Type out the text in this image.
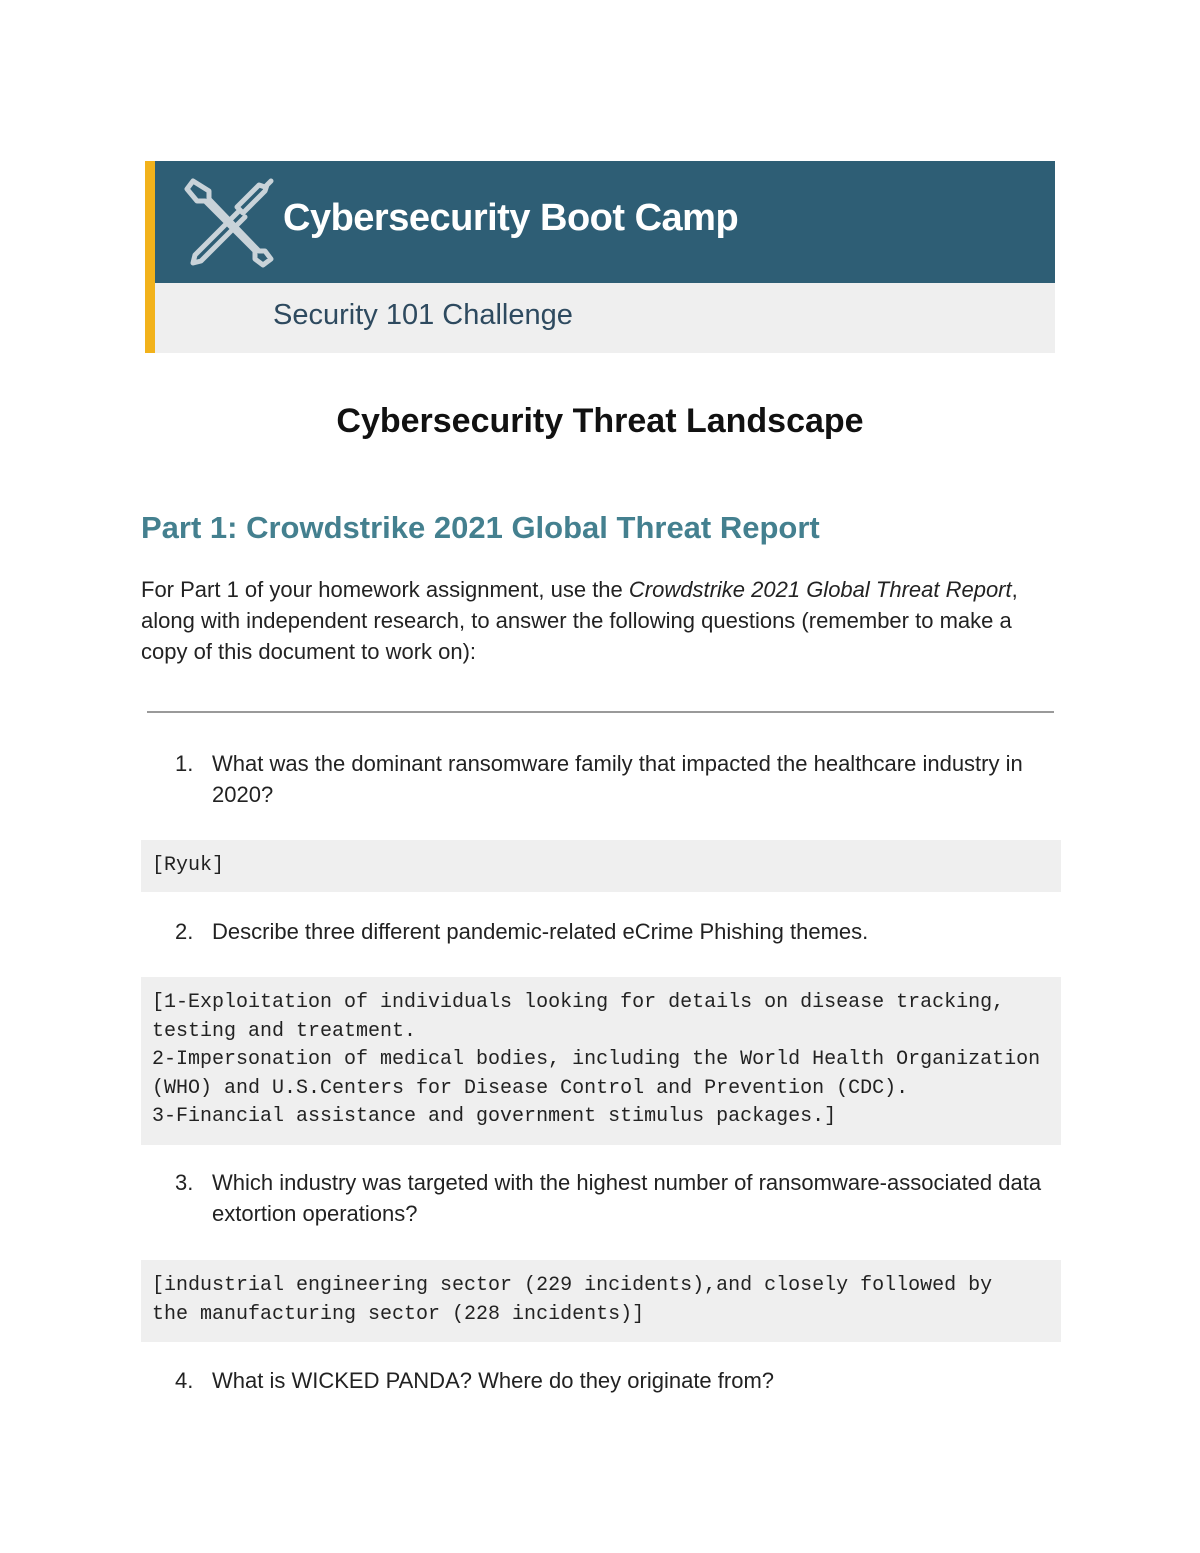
Cybersecurity Boot Camp
Security 101 Challenge
Cybersecurity Threat Landscape
Part 1: Crowdstrike 2021 Global Threat Report
For Part 1 of your homework assignment, use the Crowdstrike 2021 Global Threat Report, along with independent research, to answer the following questions (remember to make a copy of this document to work on):
1. What was the dominant ransomware family that impacted the healthcare industry in 2020?
[Ryuk]
2. Describe three different pandemic-related eCrime Phishing themes.
[1-Exploitation of individuals looking for details on disease tracking,
testing and treatment.
2-Impersonation of medical bodies, including the World Health Organization
(WHO) and U.S.Centers for Disease Control and Prevention (CDC).
3-Financial assistance and government stimulus packages.]
3. Which industry was targeted with the highest number of ransomware-associated data extortion operations?
[industrial engineering sector (229 incidents),and closely followed by
the manufacturing sector (228 incidents)]
4. What is WICKED PANDA? Where do they originate from?
